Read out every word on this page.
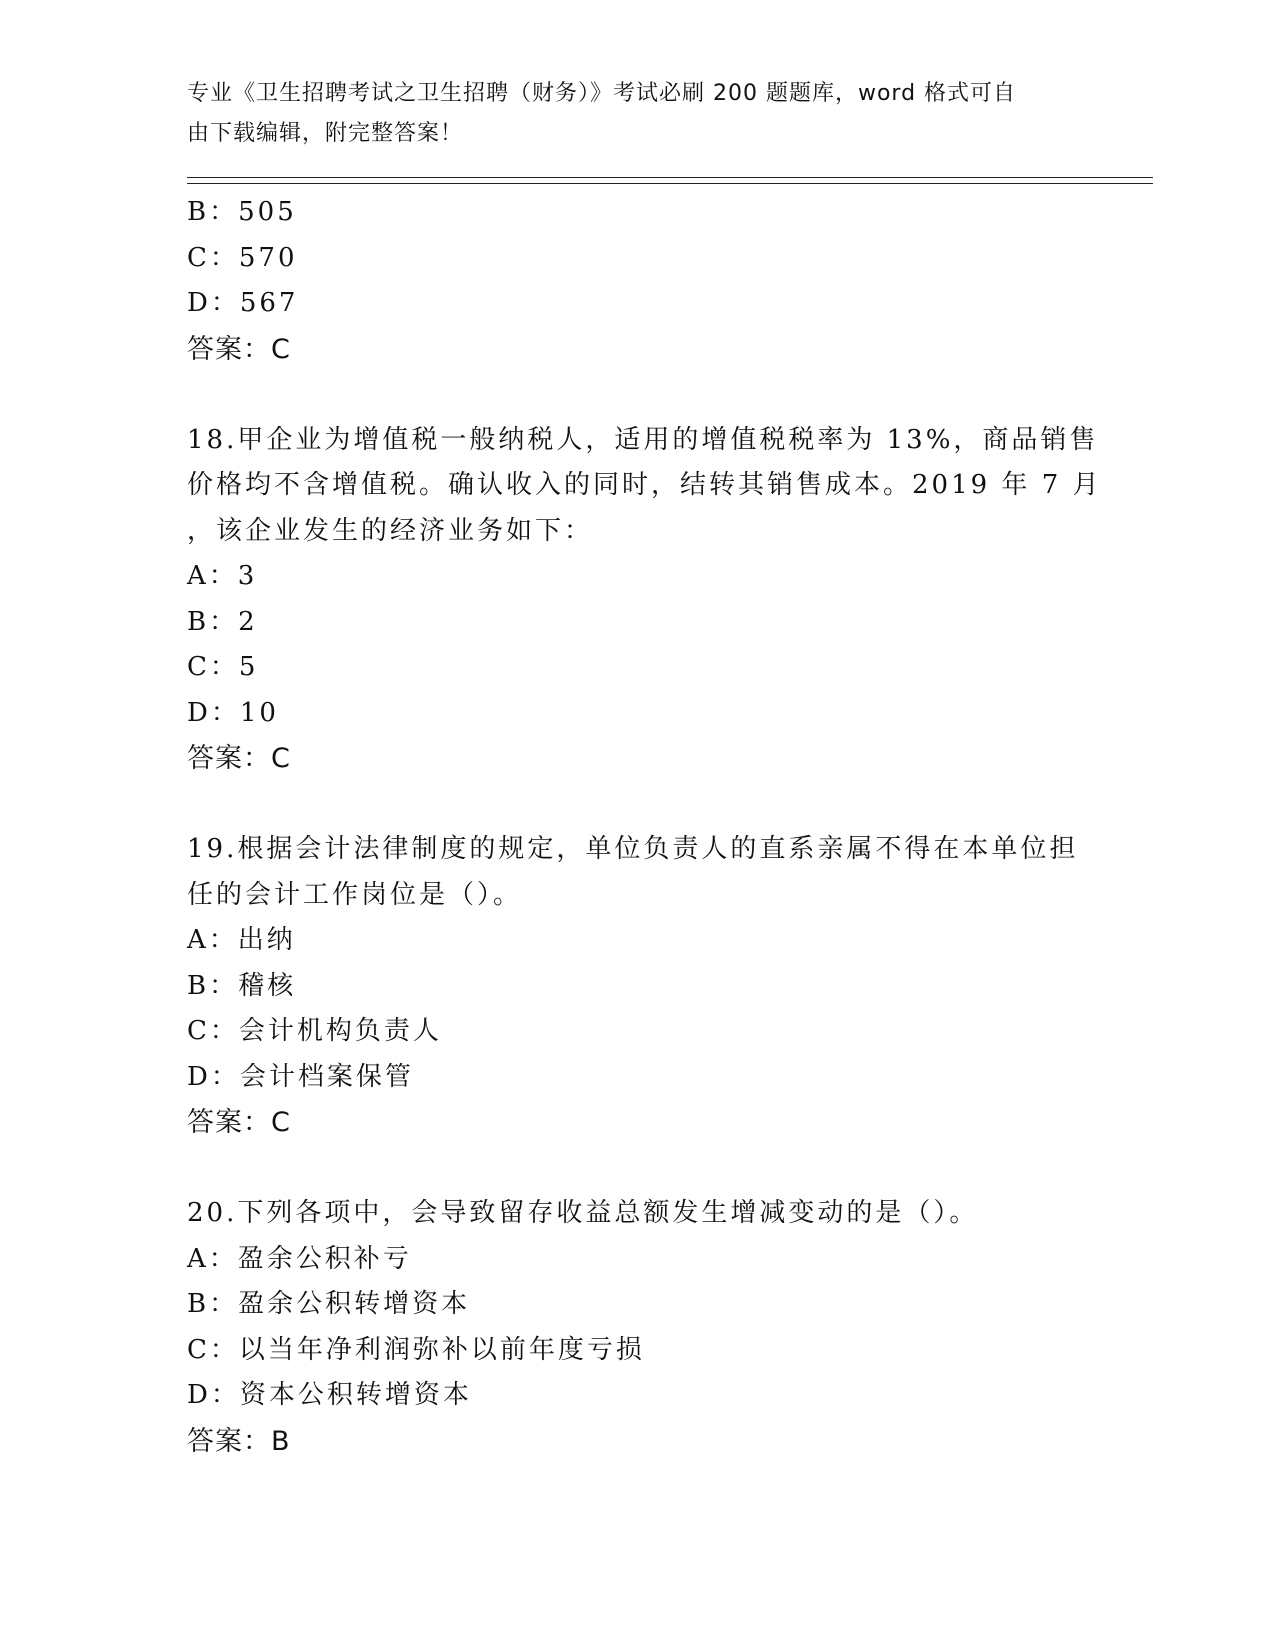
专业《卫生招聘考试之卫生招聘（财务）》考试必刷 200 题题库，word 格式可自
由下载编辑，附完整答案！
B：505
C：570
D：567
答案：C
18.甲企业为增值税一般纳税人，适用的增值税税率为 13%，商品销售
价格均不含增值税。确认收入的同时，结转其销售成本。2019 年 7 月
，该企业发生的经济业务如下：
A：3
B：2
C：5
D：10
答案：C
19.根据会计法律制度的规定，单位负责人的直系亲属不得在本单位担
任的会计工作岗位是（）。
A：出纳
B：稽核
C：会计机构负责人
D：会计档案保管
答案：C
20.下列各项中，会导致留存收益总额发生增减变动的是（）。
A：盈余公积补亏
B：盈余公积转增资本
C：以当年净利润弥补以前年度亏损
D：资本公积转增资本
答案：B
